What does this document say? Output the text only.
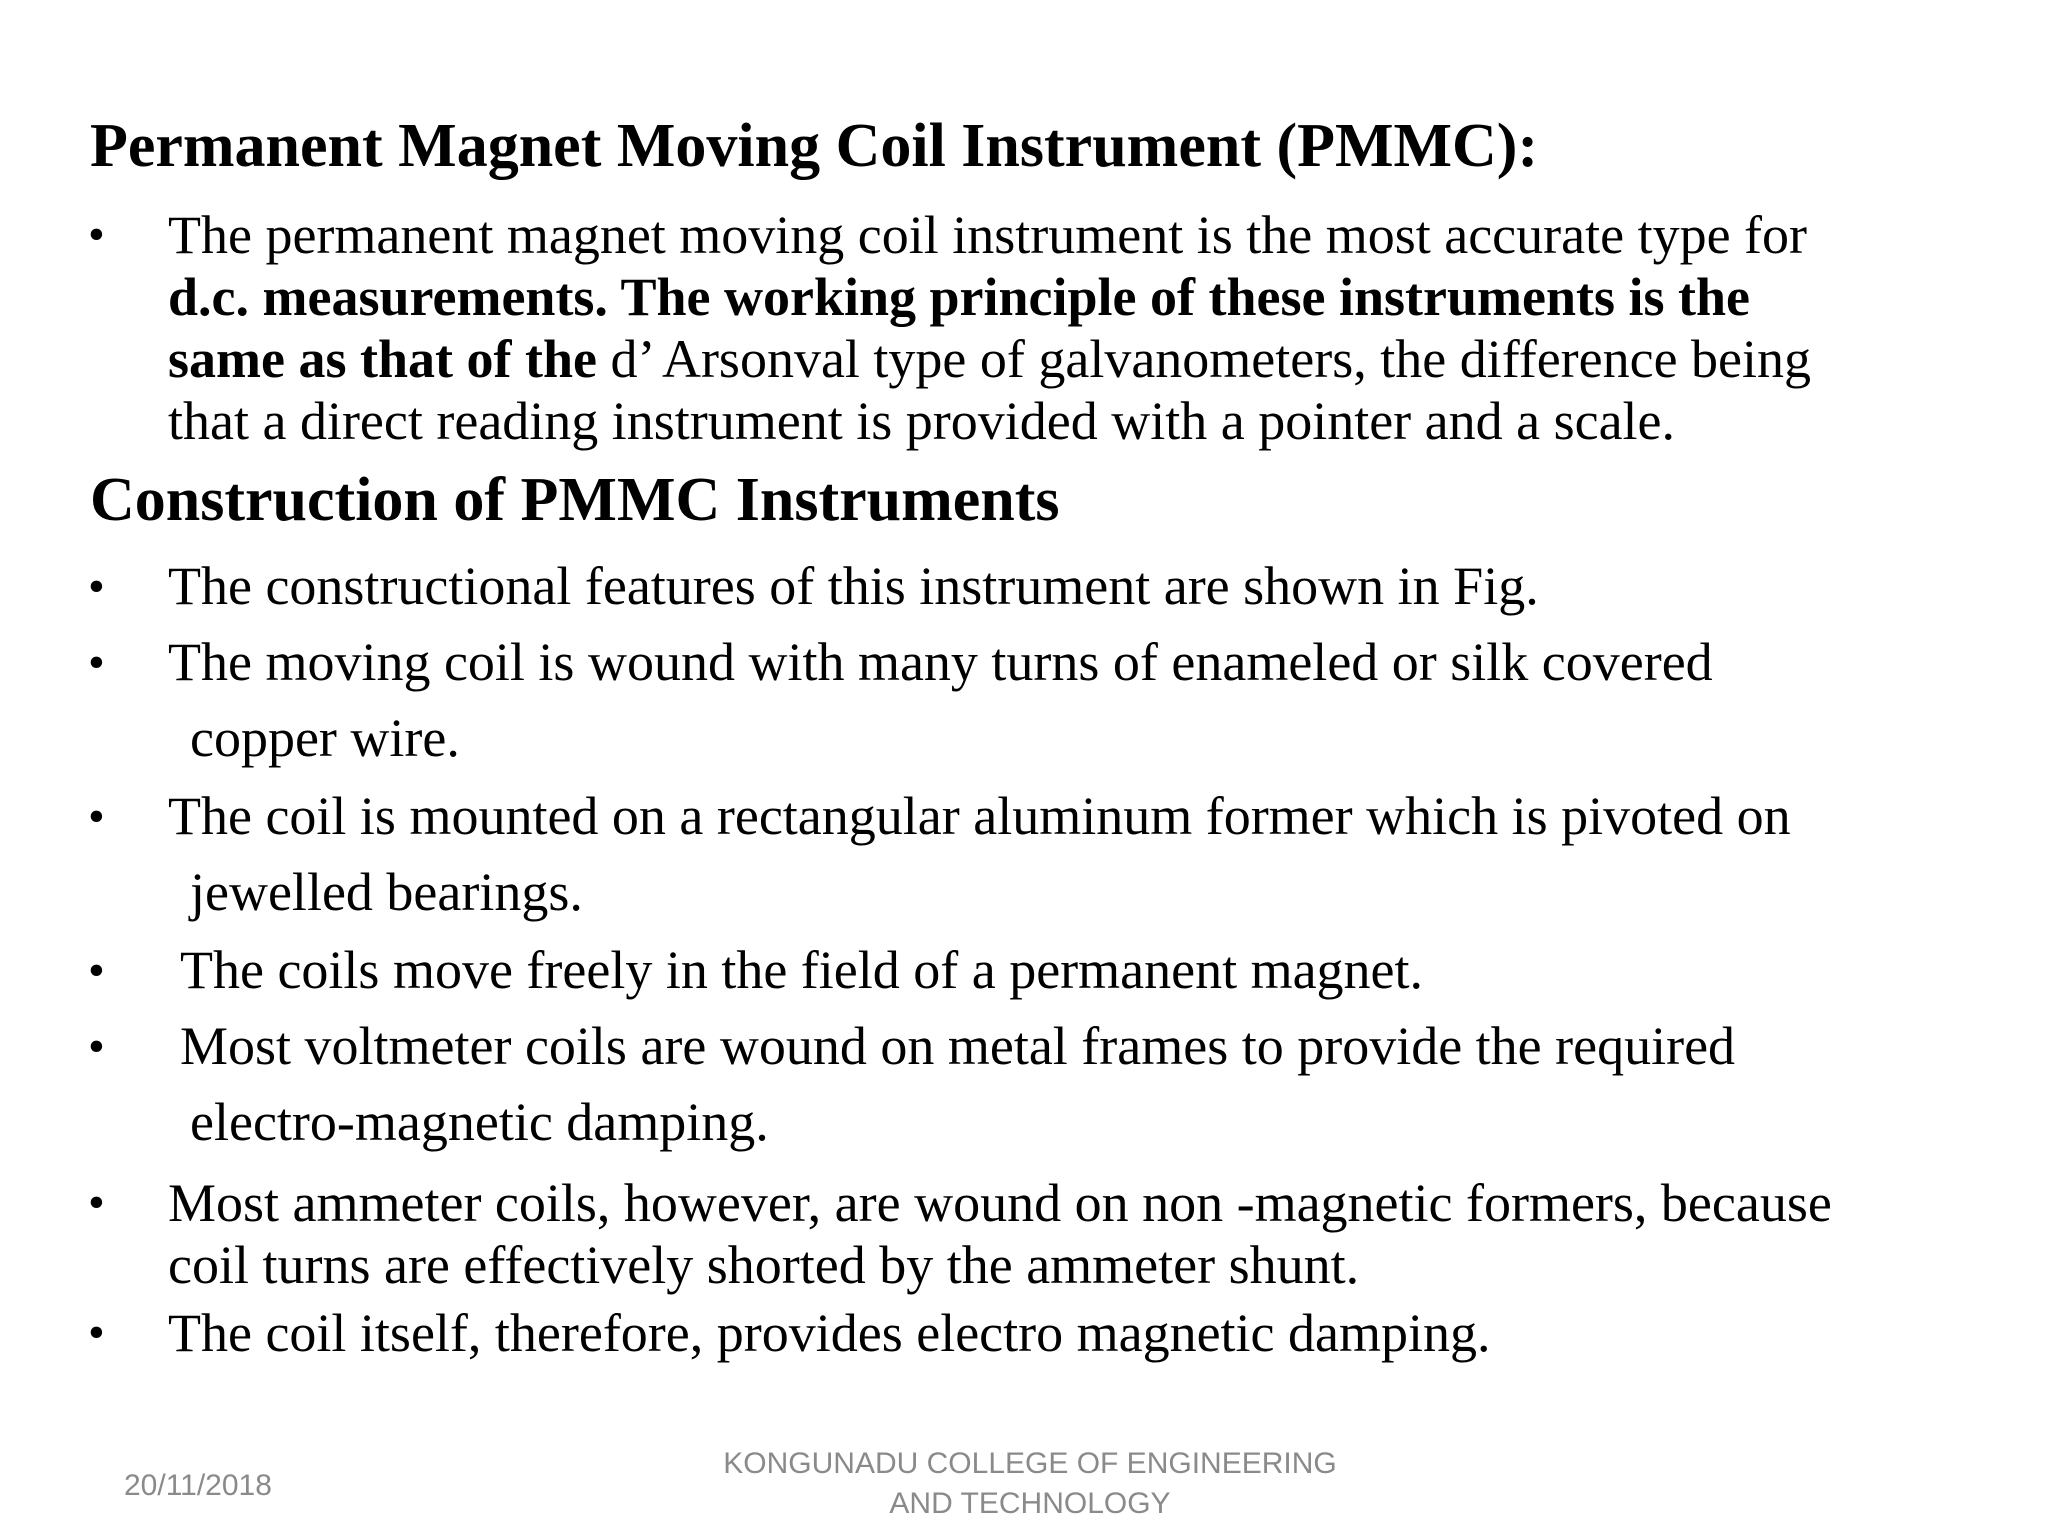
Permanent Magnet Moving Coil Instrument (PMMC):
• The permanent magnet moving coil instrument is the most accurate type for
d.c. measurements. The working principle of these instruments is the
same as that of the d’ Arsonval type of galvanometers, the difference being
that a direct reading instrument is provided with a pointer and a scale.
Construction of PMMC Instruments
• The constructional features of this instrument are shown in Fig.
• The moving coil is wound with many turns of enameled or silk covered
copper wire.
• The coil is mounted on a rectangular aluminum former which is pivoted on
jewelled bearings.
• The coils move freely in the field of a permanent magnet.
• Most voltmeter coils are wound on metal frames to provide the required
electro-magnetic damping.
• Most ammeter coils, however, are wound on non -magnetic formers, because
coil turns are effectively shorted by the ammeter shunt.
• The coil itself, therefore, provides electro magnetic damping.
20/11/2018
KONGUNADU COLLEGE OF ENGINEERING
AND TECHNOLOGY
